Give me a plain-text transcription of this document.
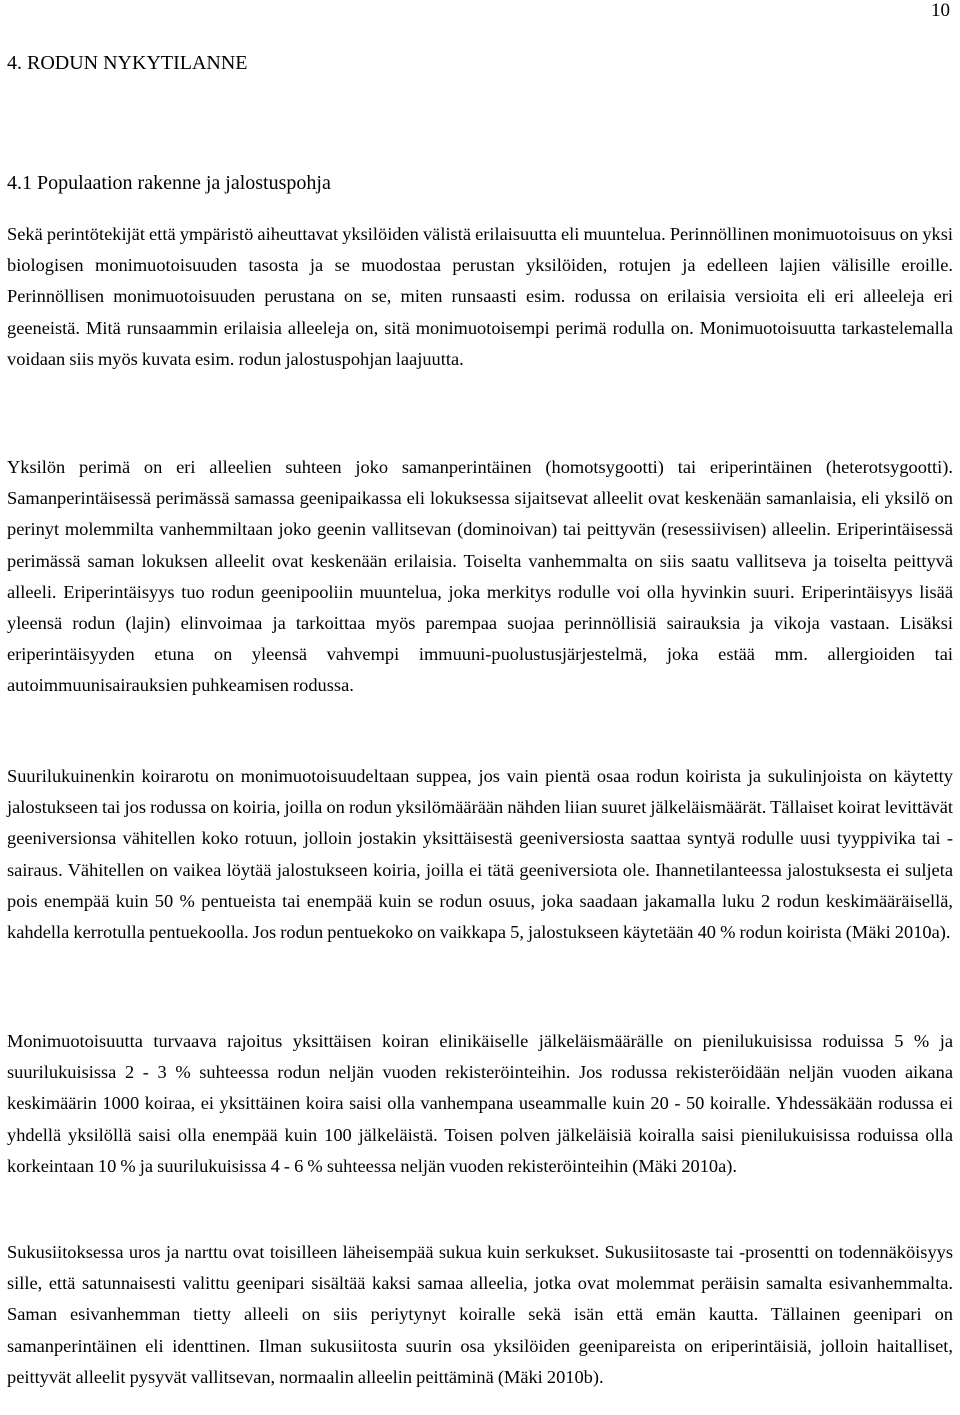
10
4. RODUN NYKYTILANNE
4.1 Populaation rakenne ja jalostuspohja

Sekä perintötekijät että ympäristö aiheuttavat yksilöiden välistä erilaisuutta eli muuntelua. Perinnöllinen monimuotoisuus on yksi biologisen monimuotoisuuden tasosta ja se muodostaa perustan yksilöiden, rotujen ja edelleen lajien välisille eroille. Perinnöllisen monimuotoisuuden perustana on se, miten runsaasti esim. rodussa on erilaisia versioita eli eri alleeleja eri geeneistä. Mitä runsaammin erilaisia alleeleja on, sitä monimuotoisempi perimä rodulla on. Monimuotoisuutta tarkastelemalla voidaan siis myös kuvata esim. rodun jalostuspohjan laajuutta.

Yksilön perimä on eri alleelien suhteen joko samanperintäinen (homotsygootti) tai eriperintäinen (heterotsygootti). Samanperintäisessä perimässä samassa geenipaikassa eli lokuksessa sijaitsevat alleelit ovat keskenään samanlaisia, eli yksilö on perinyt molemmilta vanhemmiltaan joko geenin vallitsevan (dominoivan) tai peittyvän (resessiivisen) alleelin. Eriperintäisessä perimässä saman lokuksen alleelit ovat keskenään erilaisia. Toiselta vanhemmalta on siis saatu vallitseva ja toiselta peittyvä alleeli. Eriperintäisyys tuo rodun geenipooliin muuntelua, joka merkitys rodulle voi olla hyvinkin suuri. Eriperintäisyys lisää yleensä rodun (lajin) elinvoimaa ja tarkoittaa myös parempaa suojaa perinnöllisiä sairauksia ja vikoja vastaan. Lisäksi eriperintäisyyden etuna on yleensä vahvempi immuuni-puolustusjärjestelmä, joka estää mm. allergioiden tai autoimmuunisairauksien puhkeamisen rodussa.

Suurilukuinenkin koirarotu on monimuotoisuudeltaan suppea, jos vain pientä osaa rodun koirista ja sukulinjoista on käytetty jalostukseen tai jos rodussa on koiria, joilla on rodun yksilömäärään nähden liian suuret jälkeläismäärät. Tällaiset koirat levittävät geeniversionsa vähitellen koko rotuun, jolloin jostakin yksittäisestä geeniversiosta saattaa syntyä rodulle uusi tyyppivika tai -sairaus. Vähitellen on vaikea löytää jalostukseen koiria, joilla ei tätä geeniversiota ole. Ihannetilanteessa jalostuksesta ei suljeta pois enempää kuin 50 % pentueista tai enempää kuin se rodun osuus, joka saadaan jakamalla luku 2 rodun keskimääräisellä, kahdella kerrotulla pentuekoolla. Jos rodun pentuekoko on vaikkapa 5, jalostukseen käytetään 40 % rodun koirista (Mäki 2010a).

Monimuotoisuutta turvaava rajoitus yksittäisen koiran elinikäiselle jälkeläismäärälle on pienilukuisissa roduissa 5 % ja suurilukuisissa 2 - 3 % suhteessa rodun neljän vuoden rekisteröinteihin. Jos rodussa rekisteröidään neljän vuoden aikana keskimäärin 1000 koiraa, ei yksittäinen koira saisi olla vanhempana useammalle kuin 20 - 50 koiralle. Yhdessäkään rodussa ei yhdellä yksilöllä saisi olla enempää kuin 100 jälkeläistä. Toisen polven jälkeläisiä koiralla saisi pienilukuisissa roduissa olla korkeintaan 10 % ja suurilukuisissa 4 - 6 % suhteessa neljän vuoden rekisteröinteihin (Mäki 2010a).

Sukusiitoksessa uros ja narttu ovat toisilleen läheisempää sukua kuin serkukset. Sukusiitosaste tai -prosentti on todennäköisyys sille, että satunnaisesti valittu geenipari sisältää kaksi samaa alleelia, jotka ovat molemmat peräisin samalta esivanhemmalta. Saman esivanhemman tietty alleeli on siis periytynyt koiralle sekä isän että emän kautta. Tällainen geenipari on samanperintäinen eli identtinen. Ilman sukusiitosta suurin osa yksilöiden geenipareista on eriperintäisiä, jolloin haitalliset, peittyvät alleelit pysyvät vallitsevan, normaalin alleelin peittäminä (Mäki 2010b).
